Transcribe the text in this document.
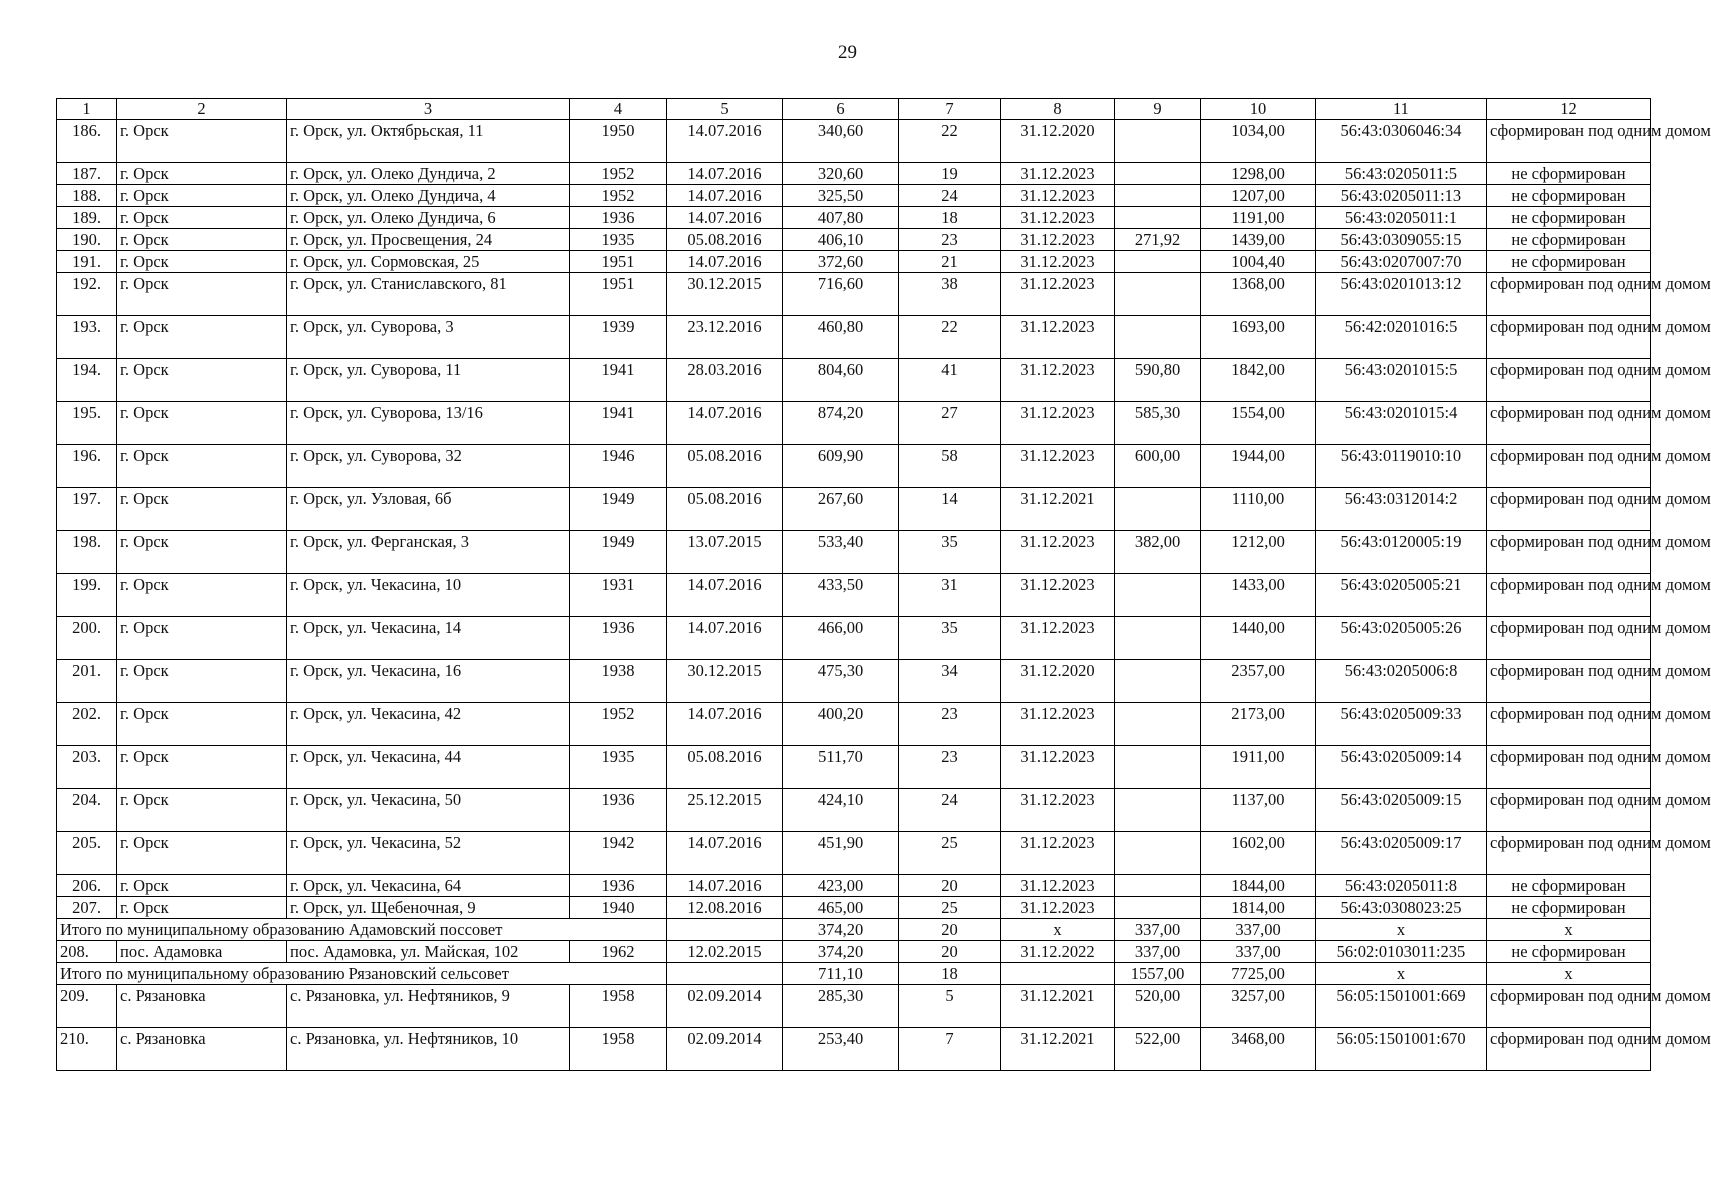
29
1	2	3	4	5	6	7	8	9	10	11	12
186.	г. Орск	г. Орск, ул. Октябрьская, 11	1950	14.07.2016	340,60	22	31.12.2020		1034,00	56:43:0306046:34	сформирован под одним домом
187.	г. Орск	г. Орск, ул. Олеко Дундича, 2	1952	14.07.2016	320,60	19	31.12.2023		1298,00	56:43:0205011:5	не сформирован
188.	г. Орск	г. Орск, ул. Олеко Дундича, 4	1952	14.07.2016	325,50	24	31.12.2023		1207,00	56:43:0205011:13	не сформирован
189.	г. Орск	г. Орск, ул. Олеко Дундича, 6	1936	14.07.2016	407,80	18	31.12.2023		1191,00	56:43:0205011:1	не сформирован
190.	г. Орск	г. Орск, ул. Просвещения, 24	1935	05.08.2016	406,10	23	31.12.2023	271,92	1439,00	56:43:0309055:15	не сформирован
191.	г. Орск	г. Орск, ул. Сормовская, 25	1951	14.07.2016	372,60	21	31.12.2023		1004,40	56:43:0207007:70	не сформирован
192.	г. Орск	г. Орск, ул. Станиславского, 81	1951	30.12.2015	716,60	38	31.12.2023		1368,00	56:43:0201013:12	сформирован под одним домом
193.	г. Орск	г. Орск, ул. Суворова, 3	1939	23.12.2016	460,80	22	31.12.2023		1693,00	56:42:0201016:5	сформирован под одним домом
194.	г. Орск	г. Орск, ул. Суворова, 11	1941	28.03.2016	804,60	41	31.12.2023	590,80	1842,00	56:43:0201015:5	сформирован под одним домом
195.	г. Орск	г. Орск, ул. Суворова, 13/16	1941	14.07.2016	874,20	27	31.12.2023	585,30	1554,00	56:43:0201015:4	сформирован под одним домом
196.	г. Орск	г. Орск, ул. Суворова, 32	1946	05.08.2016	609,90	58	31.12.2023	600,00	1944,00	56:43:0119010:10	сформирован под одним домом
197.	г. Орск	г. Орск, ул. Узловая, 6б	1949	05.08.2016	267,60	14	31.12.2021		1110,00	56:43:0312014:2	сформирован под одним домом
198.	г. Орск	г. Орск, ул. Ферганская, 3	1949	13.07.2015	533,40	35	31.12.2023	382,00	1212,00	56:43:0120005:19	сформирован под одним домом
199.	г. Орск	г. Орск, ул. Чекасина, 10	1931	14.07.2016	433,50	31	31.12.2023		1433,00	56:43:0205005:21	сформирован под одним домом
200.	г. Орск	г. Орск, ул. Чекасина, 14	1936	14.07.2016	466,00	35	31.12.2023		1440,00	56:43:0205005:26	сформирован под одним домом
201.	г. Орск	г. Орск, ул. Чекасина, 16	1938	30.12.2015	475,30	34	31.12.2020		2357,00	56:43:0205006:8	сформирован под одним домом
202.	г. Орск	г. Орск, ул. Чекасина, 42	1952	14.07.2016	400,20	23	31.12.2023		2173,00	56:43:0205009:33	сформирован под одним домом
203.	г. Орск	г. Орск, ул. Чекасина, 44	1935	05.08.2016	511,70	23	31.12.2023		1911,00	56:43:0205009:14	сформирован под одним домом
204.	г. Орск	г. Орск, ул. Чекасина, 50	1936	25.12.2015	424,10	24	31.12.2023		1137,00	56:43:0205009:15	сформирован под одним домом
205.	г. Орск	г. Орск, ул. Чекасина, 52	1942	14.07.2016	451,90	25	31.12.2023		1602,00	56:43:0205009:17	сформирован под одним домом
206.	г. Орск	г. Орск, ул. Чекасина, 64	1936	14.07.2016	423,00	20	31.12.2023		1844,00	56:43:0205011:8	не сформирован
207.	г. Орск	г. Орск, ул. Щебеночная, 9	1940	12.08.2016	465,00	25	31.12.2023		1814,00	56:43:0308023:25	не сформирован
Итого по муниципальному образованию Адамовский поссовет					374,20	20	х	337,00	337,00	х	х
208.	пос. Адамовка	пос. Адамовка, ул. Майская, 102	1962	12.02.2015	374,20	20	31.12.2022	337,00	337,00	56:02:0103011:235	не сформирован
Итого по муниципальному образованию Рязановский сельсовет					711,10	18		1557,00	7725,00	х	х
209.	с. Рязановка	с. Рязановка, ул. Нефтяников, 9	1958	02.09.2014	285,30	5	31.12.2021	520,00	3257,00	56:05:1501001:669	сформирован под одним домом
210.	с. Рязановка	с. Рязановка, ул. Нефтяников, 10	1958	02.09.2014	253,40	7	31.12.2021	522,00	3468,00	56:05:1501001:670	сформирован под одним домом
